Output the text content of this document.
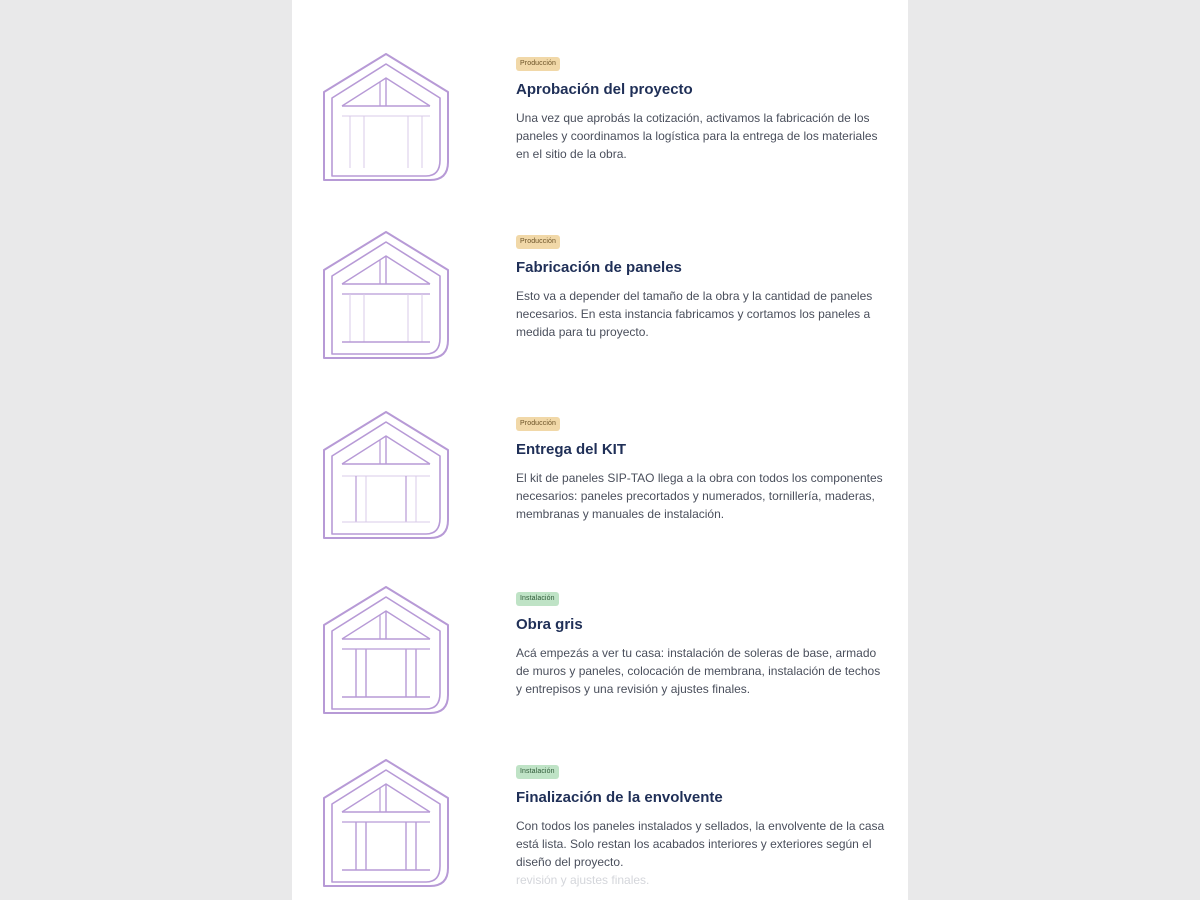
Producción
Aprobación del proyecto
Una vez que aprobás la cotización, activamos la fabricación de los paneles y coordinamos la logística para la entrega de los materiales en el sitio de la obra.
Producción
Fabricación de paneles
Esto va a depender del tamaño de la obra y la cantidad de paneles necesarios. En esta instancia fabricamos y cortamos los paneles a medida para tu proyecto.
Producción
Entrega del KIT
El kit de paneles SIP-TAO llega a la obra con todos los componentes necesarios: paneles precortados y numerados, tornillería, maderas, membranas y manuales de instalación.
Instalación
Obra gris
Acá empezás a ver tu casa: instalación de soleras de base, armado de muros y paneles, colocación de membrana, instalación de techos y entrepisos y una revisión y ajustes finales.
Instalación
Finalización de la envolvente
Con todos los paneles instalados y sellados, la envolvente de la casa está lista. Solo restan los acabados interiores y exteriores según el diseño del proyecto.
revisión y ajustes finales.
